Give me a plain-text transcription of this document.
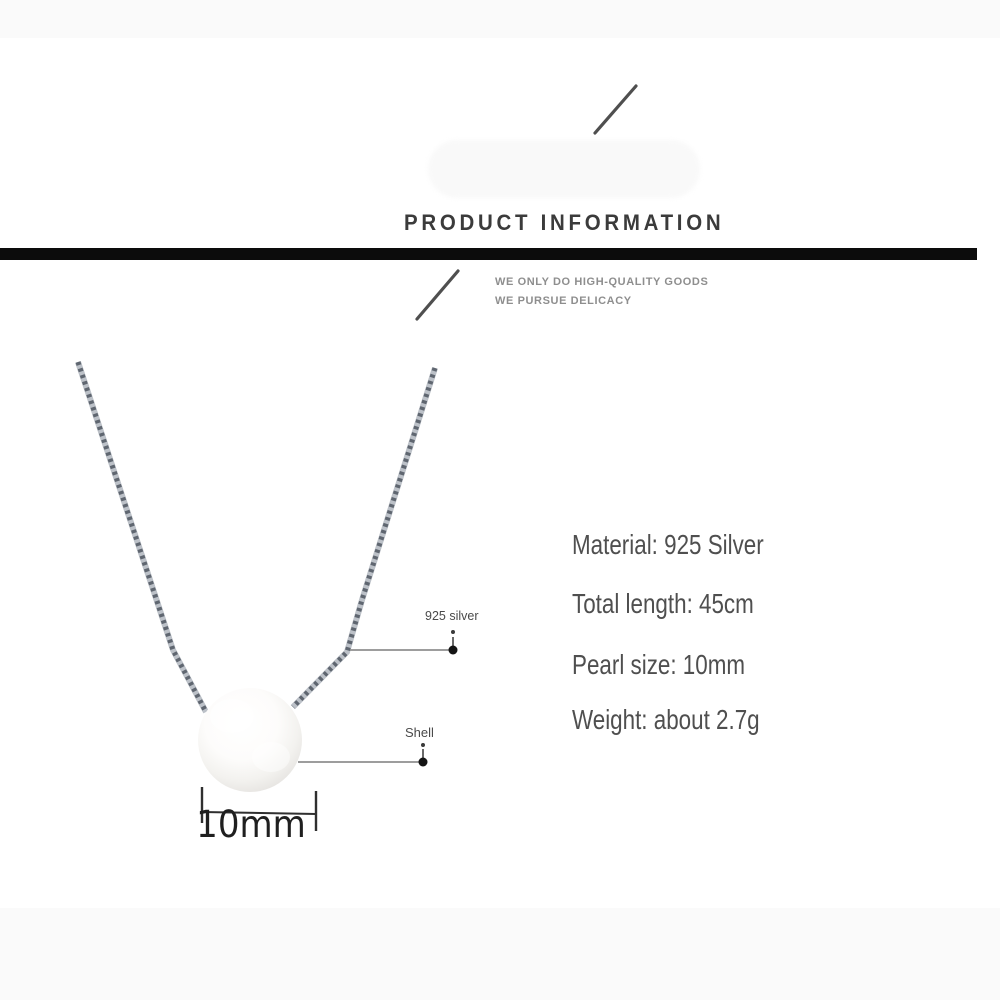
PRODUCT INFORMATION
WE ONLY DO HIGH-QUALITY GOODS
WE PURSUE DELICACY
925 silver
Shell
10mm
Material: 925 Silver
Total length: 45cm
Pearl size: 10mm
Weight: about 2.7g
